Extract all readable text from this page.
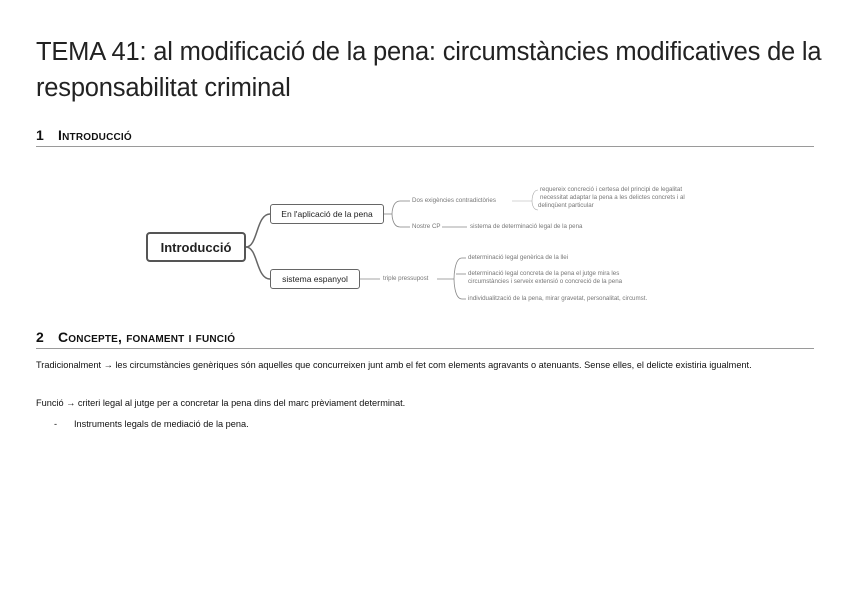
TEMA 41: al modificació de la pena: circumstàncies modificatives de la responsabilitat criminal
1 Introducció
Introducció
En l'aplicació de la pena
sistema espanyol
Dos exigències contradictòries
requereix concreció i certesa del principi de legalitat
necessitat adaptar la pena a les delictes concrets i al
delinqüent particular
Nostre CP	sistema de determinació legal de la pena
triple pressupost
determinació legal genèrica de la llei
determinació legal concreta de la pena el jutge mira les
circumstàncies i serveix extensió o concreció de la pena
individualització de la pena, mirar gravetat, personalitat, circumst.
2 Concepte, fonament i funció
Tradicionalment → les circumstàncies genèriques són aquelles que concurreixen junt amb el fet com elements agravants o atenuants. Sense elles, el delicte existiria igualment.
Funció → criteri legal al jutge per a concretar la pena dins del marc prèviament determinat.
- Instruments legals de mediació de la pena.
